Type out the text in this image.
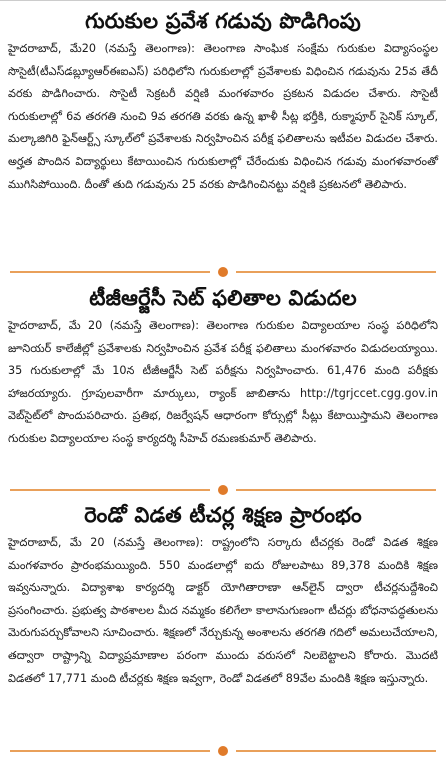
గురుకుల ప్రవేశ గడువు పొడిగింపు

హైదరాబాద్, మే20 (నమస్తే తెలంగాణ): తెలంగాణ సాంఘిక సంక్షేమ గురుకుల విద్యాసంస్థల సొసైటీ(టీఎస్‌డబ్ల్యూఆర్ఈఐఎస్) పరిధిలోని గురుకులాల్లో ప్రవేశాలకు విధించిన గడువును 25వ తేదీ వరకు పొడిగించారు. సొసైటీ సెక్రటరీ వర్షిణి మంగళవారం ప్రకటన విడుదల చేశారు. సొసైటీ గురుకులాల్లో 6వ తరగతి నుంచి 9వ తరగతి వరకు ఉన్న ఖాళీ సీట్ల భర్తీకి, రుక్మాపూర్ సైనిక్ స్కూల్, మల్కాజిగిరి ఫైన్‌ఆర్ట్స్ స్కూల్‌లో ప్రవేశాలకు నిర్వహించిన పరీక్ష ఫలితాలను ఇటీవల విడుదల చేశారు. అర్హత పొందిన విద్యార్థులు కేటాయించిన గురుకులాల్లో చేరేందుకు విధించిన గడువు మంగళవారంతో ముగిసిపోయింది. దీంతో తుది గడువును 25 వరకు పొడిగించినట్టు వర్షిణి ప్రకటనలో తెలిపారు.

టీజీఆర్జేసీ సెట్ ఫలితాల విడుదల

హైదరాబాద్, మే 20 (నమస్తే తెలంగాణ): తెలంగాణ గురుకుల విద్యాలయాల సంస్థ పరిధిలోని జూనియర్ కాలేజీల్లో ప్రవేశాలకు నిర్వహించిన ప్రవేశ పరీక్ష ఫలితాలు మంగళవారం విడుదలయ్యాయి. 35 గురుకులాల్లో మే 10న టీజీఆర్జేసీ సెట్ పరీక్షను నిర్వహించారు. 61,476 మంది పరీక్షకు హాజరయ్యారు. గ్రూపులవారీగా మార్కులు, ర్యాంక్ జాబితాను http://tgrjccet.cgg.gov.in వెబ్‌సైట్‌లో పొందుపరిచారు. ప్రతిభ, రిజర్వేషన్ ఆధారంగా కోర్సుల్లో సీట్లు కేటాయిస్తామని తెలంగాణ గురుకుల విద్యాలయాల సంస్థ కార్యదర్శి సీహెచ్ రమణకుమార్ తెలిపారు.

రెండో విడత టీచర్ల శిక్షణ ప్రారంభం

హైదరాబాద్, మే 20 (నమస్తే తెలంగాణ): రాష్ట్రంలోని సర్కారు టీచర్లకు రెండో విడత శిక్షణ మంగళవారం ప్రారంభమయ్యింది. 550 మండలాల్లో ఐదు రోజులపాటు 89,378 మందికి శిక్షణ ఇవ్వనున్నారు. విద్యాశాఖ కార్యదర్శి డాక్టర్ యోగితారాణా ఆన్‌లైన్ ద్వారా టీచర్లనుద్దేశించి ప్రసంగించారు. ప్రభుత్వ పాఠశాలల మీద నమ్మకం కలిగేలా కాలానుగుణంగా టీచర్లు బోధనాపద్ధతులను మెరుగుపర్చుకోవాలని సూచించారు. శిక్షణలో నేర్చుకున్న అంశాలను తరగతి గదిలో అమలుచేయాలని, తద్వారా రాష్ట్రాన్ని విద్యాప్రమాణాల పరంగా ముందు వరుసలో నిలబెట్టాలని కోరారు. మొదటి విడతలో 17,771 మంది టీచర్లకు శిక్షణ ఇవ్వగా, రెండో విడతలో 89వేల మందికి శిక్షణ ఇస్తున్నారు.
